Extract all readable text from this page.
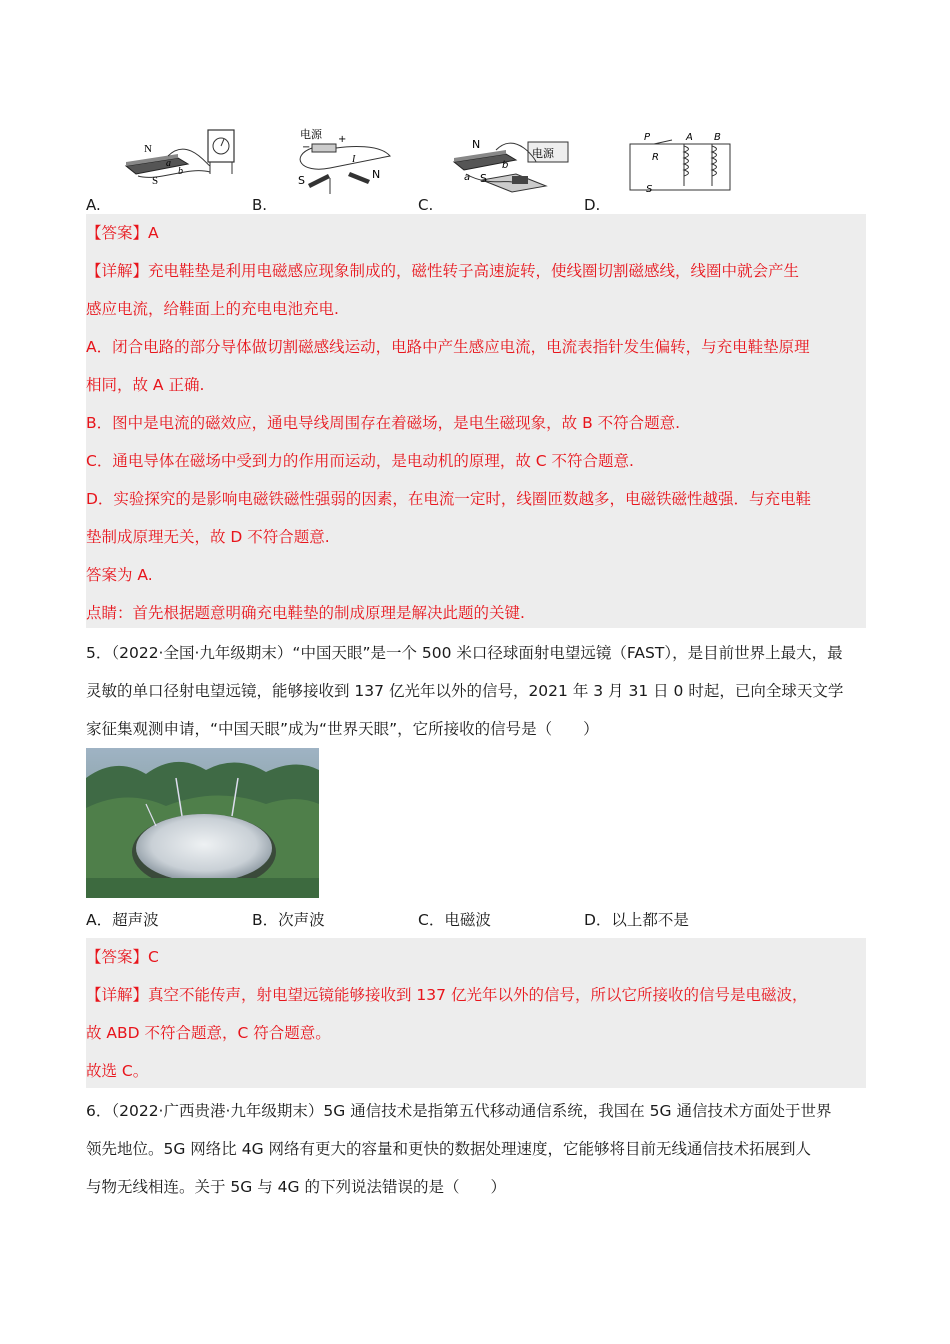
N
S
b
a
A.
电源
−
+
I
S	N
B.
电源
N
S
b
a
C.
P
R
S
A B
D.

【答案】A

【详解】充电鞋垫是利用电磁感应现象制成的，磁性转子高速旋转，使线圈切割磁感线，线圈中就会产生

感应电流，给鞋面上的充电电池充电.

A．闭合电路的部分导体做切割磁感线运动，电路中产生感应电流，电流表指针发生偏转，与充电鞋垫原理

相同，故 A 正确.

B．图中是电流的磁效应，通电导线周围存在着磁场，是电生磁现象，故 B 不符合题意.

C．通电导体在磁场中受到力的作用而运动，是电动机的原理，故 C 不符合题意.

D．实验探究的是影响电磁铁磁性强弱的因素，在电流一定时，线圈匝数越多，电磁铁磁性越强．与充电鞋

垫制成原理无关，故 D 不符合题意.

答案为 A.

点睛：首先根据题意明确充电鞋垫的制成原理是解决此题的关键.

5．（2022·全国·九年级期末）“中国天眼”是一个 500 米口径球面射电望远镜（FAST），是目前世界上最大，最
灵敏的单口径射电望远镜，能够接收到 137 亿光年以外的信号，2021 年 3 月 31 日 0 时起，已向全球天文学
家征集观测申请，“中国天眼”成为“世界天眼”，它所接收的信号是（　　）
A．超声波	B．次声波	C．电磁波	D．以上都不是

【答案】C

【详解】真空不能传声，射电望远镜能够接收到 137 亿光年以外的信号，所以它所接收的信号是电磁波，

故 ABD 不符合题意，C 符合题意。

故选 C。

6．（2022·广西贵港·九年级期末）5G 通信技术是指第五代移动通信系统，我国在 5G 通信技术方面处于世界
领先地位。5G 网络比 4G 网络有更大的容量和更快的数据处理速度，它能够将目前无线通信技术拓展到人
与物无线相连。关于 5G 与 4G 的下列说法错误的是（　　）
